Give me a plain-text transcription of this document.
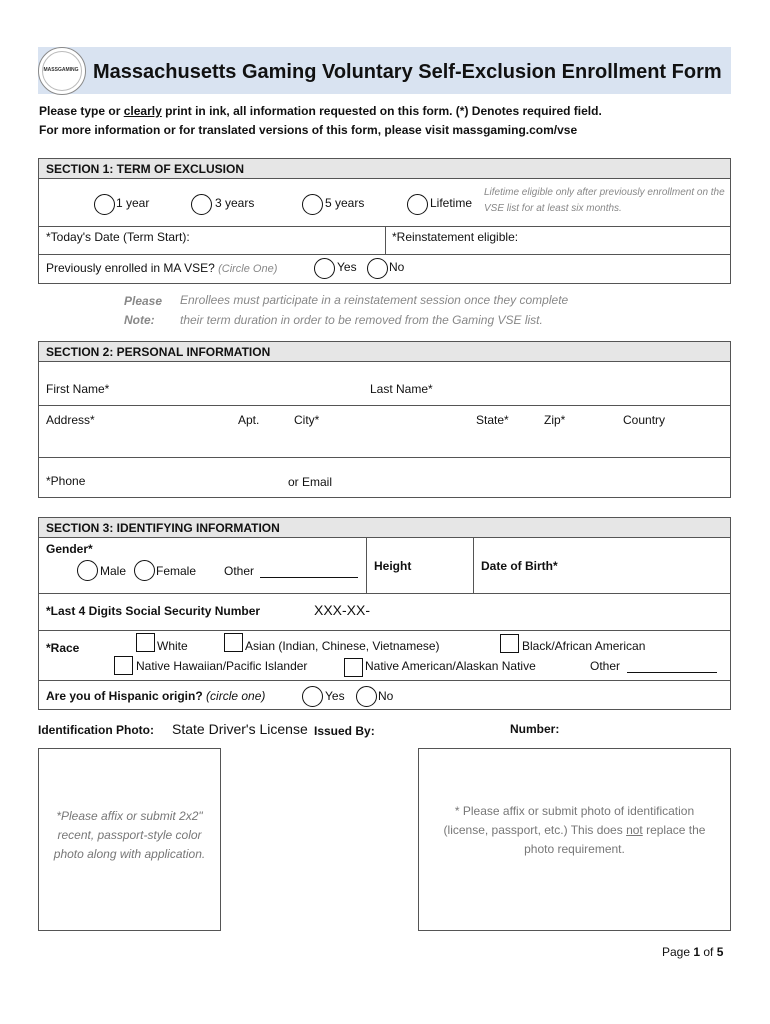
MASSGAMING Massachusetts Gaming Voluntary Self-Exclusion Enrollment Form
Please type or clearly print in ink, all information requested on this form. (*) Denotes required field.
For more information or for translated versions of this form, please visit massgaming.com/vse
SECTION 1: TERM OF EXCLUSION
1 year	3 years	5 years	Lifetime
Lifetime eligible only after previously enrollment on the VSE list for at least six months.
*Today's Date (Term Start):	*Reinstatement eligible:
Previously enrolled in MA VSE? (Circle One)	Yes	No
Please
Note:
Enrollees must participate in a reinstatement session once they complete
their term duration in order to be removed from the Gaming VSE list.
SECTION 2: PERSONAL INFORMATION
First Name*	Last Name*
Address*	Apt.	City*	State*	Zip*	Country
*Phone	or Email
SECTION 3: IDENTIFYING INFORMATION
Gender*
Male Female Other	Height	Date of Birth*
*Last 4 Digits Social Security Number	XXX-XX-
*Race	White	Asian (Indian, Chinese, Vietnamese)	Black/African American
Native Hawaiian/Pacific Islander	Native American/Alaskan Native	Other
Are you of Hispanic origin? (circle one)	Yes	No
Identification Photo: State Driver's License Issued By:	Number:
*Please affix or submit 2x2" recent, passport-style color photo along with application.
* Please affix or submit photo of identification (license, passport, etc.) This does not replace the photo requirement.
Page 1 of 5
